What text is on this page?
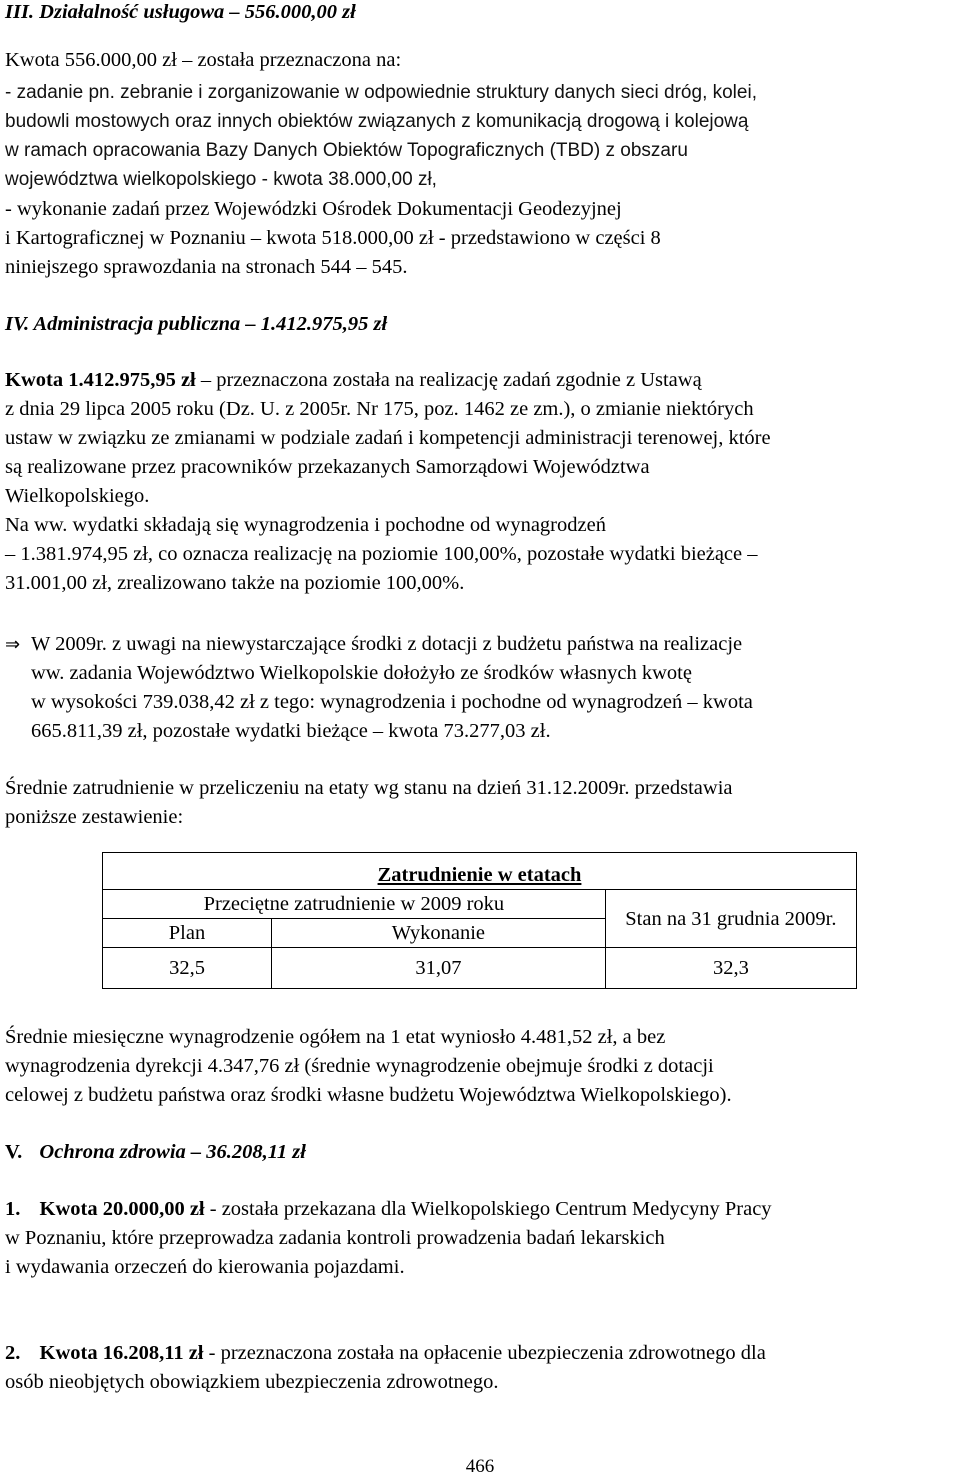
III. Działalność usługowa – 556.000,00 zł
Kwota 556.000,00 zł – została przeznaczona na:
- zadanie pn. zebranie i zorganizowanie w odpowiednie struktury danych sieci dróg, kolei,
budowli mostowych oraz innych obiektów związanych z komunikacją drogową i kolejową
w ramach opracowania Bazy Danych Obiektów Topograficznych (TBD) z obszaru
województwa wielkopolskiego - kwota 38.000,00 zł,
- wykonanie zadań przez Wojewódzki Ośrodek Dokumentacji Geodezyjnej
i Kartograficznej w Poznaniu – kwota 518.000,00 zł - przedstawiono w części 8
niniejszego sprawozdania na stronach 544 – 545.
IV. Administracja publiczna – 1.412.975,95 zł
Kwota 1.412.975,95 zł – przeznaczona została na realizację zadań zgodnie z Ustawą
z dnia 29 lipca 2005 roku (Dz. U. z 2005r. Nr 175, poz. 1462 ze zm.), o zmianie niektórych
ustaw w związku ze zmianami w podziale zadań i kompetencji administracji terenowej, które
są realizowane przez pracowników przekazanych Samorządowi Województwa
Wielkopolskiego.
Na ww. wydatki składają się wynagrodzenia i pochodne od wynagrodzeń
– 1.381.974,95 zł, co oznacza realizację na poziomie 100,00%, pozostałe wydatki bieżące –
31.001,00 zł, zrealizowano także na poziomie 100,00%.
⇒ W 2009r. z uwagi na niewystarczające środki z dotacji z budżetu państwa na realizacje
ww. zadania Województwo Wielkopolskie dołożyło ze środków własnych kwotę
w wysokości 739.038,42 zł z tego: wynagrodzenia i pochodne od wynagrodzeń – kwota
665.811,39 zł, pozostałe wydatki bieżące – kwota 73.277,03 zł.
Średnie zatrudnienie w przeliczeniu na etaty wg stanu na dzień 31.12.2009r. przedstawia
poniższe zestawienie:
Zatrudnienie w etatach		
Przeciętne zatrudnienie w 2009 roku		Stan na 31 grudnia 2009r.
Plan	Wykonanie	
32,5	31,07	32,3
Średnie miesięczne wynagrodzenie ogółem na 1 etat wyniosło 4.481,52 zł, a bez
wynagrodzenia dyrekcji 4.347,76 zł (średnie wynagrodzenie obejmuje środki z dotacji
celowej z budżetu państwa oraz środki własne budżetu Województwa Wielkopolskiego).
V. Ochrona zdrowia – 36.208,11 zł
1. Kwota 20.000,00 zł - została przekazana dla Wielkopolskiego Centrum Medycyny Pracy
w Poznaniu, które przeprowadza zadania kontroli prowadzenia badań lekarskich
i wydawania orzeczeń do kierowania pojazdami.
2. Kwota 16.208,11 zł - przeznaczona została na opłacenie ubezpieczenia zdrowotnego dla
osób nieobjętych obowiązkiem ubezpieczenia zdrowotnego.
466
